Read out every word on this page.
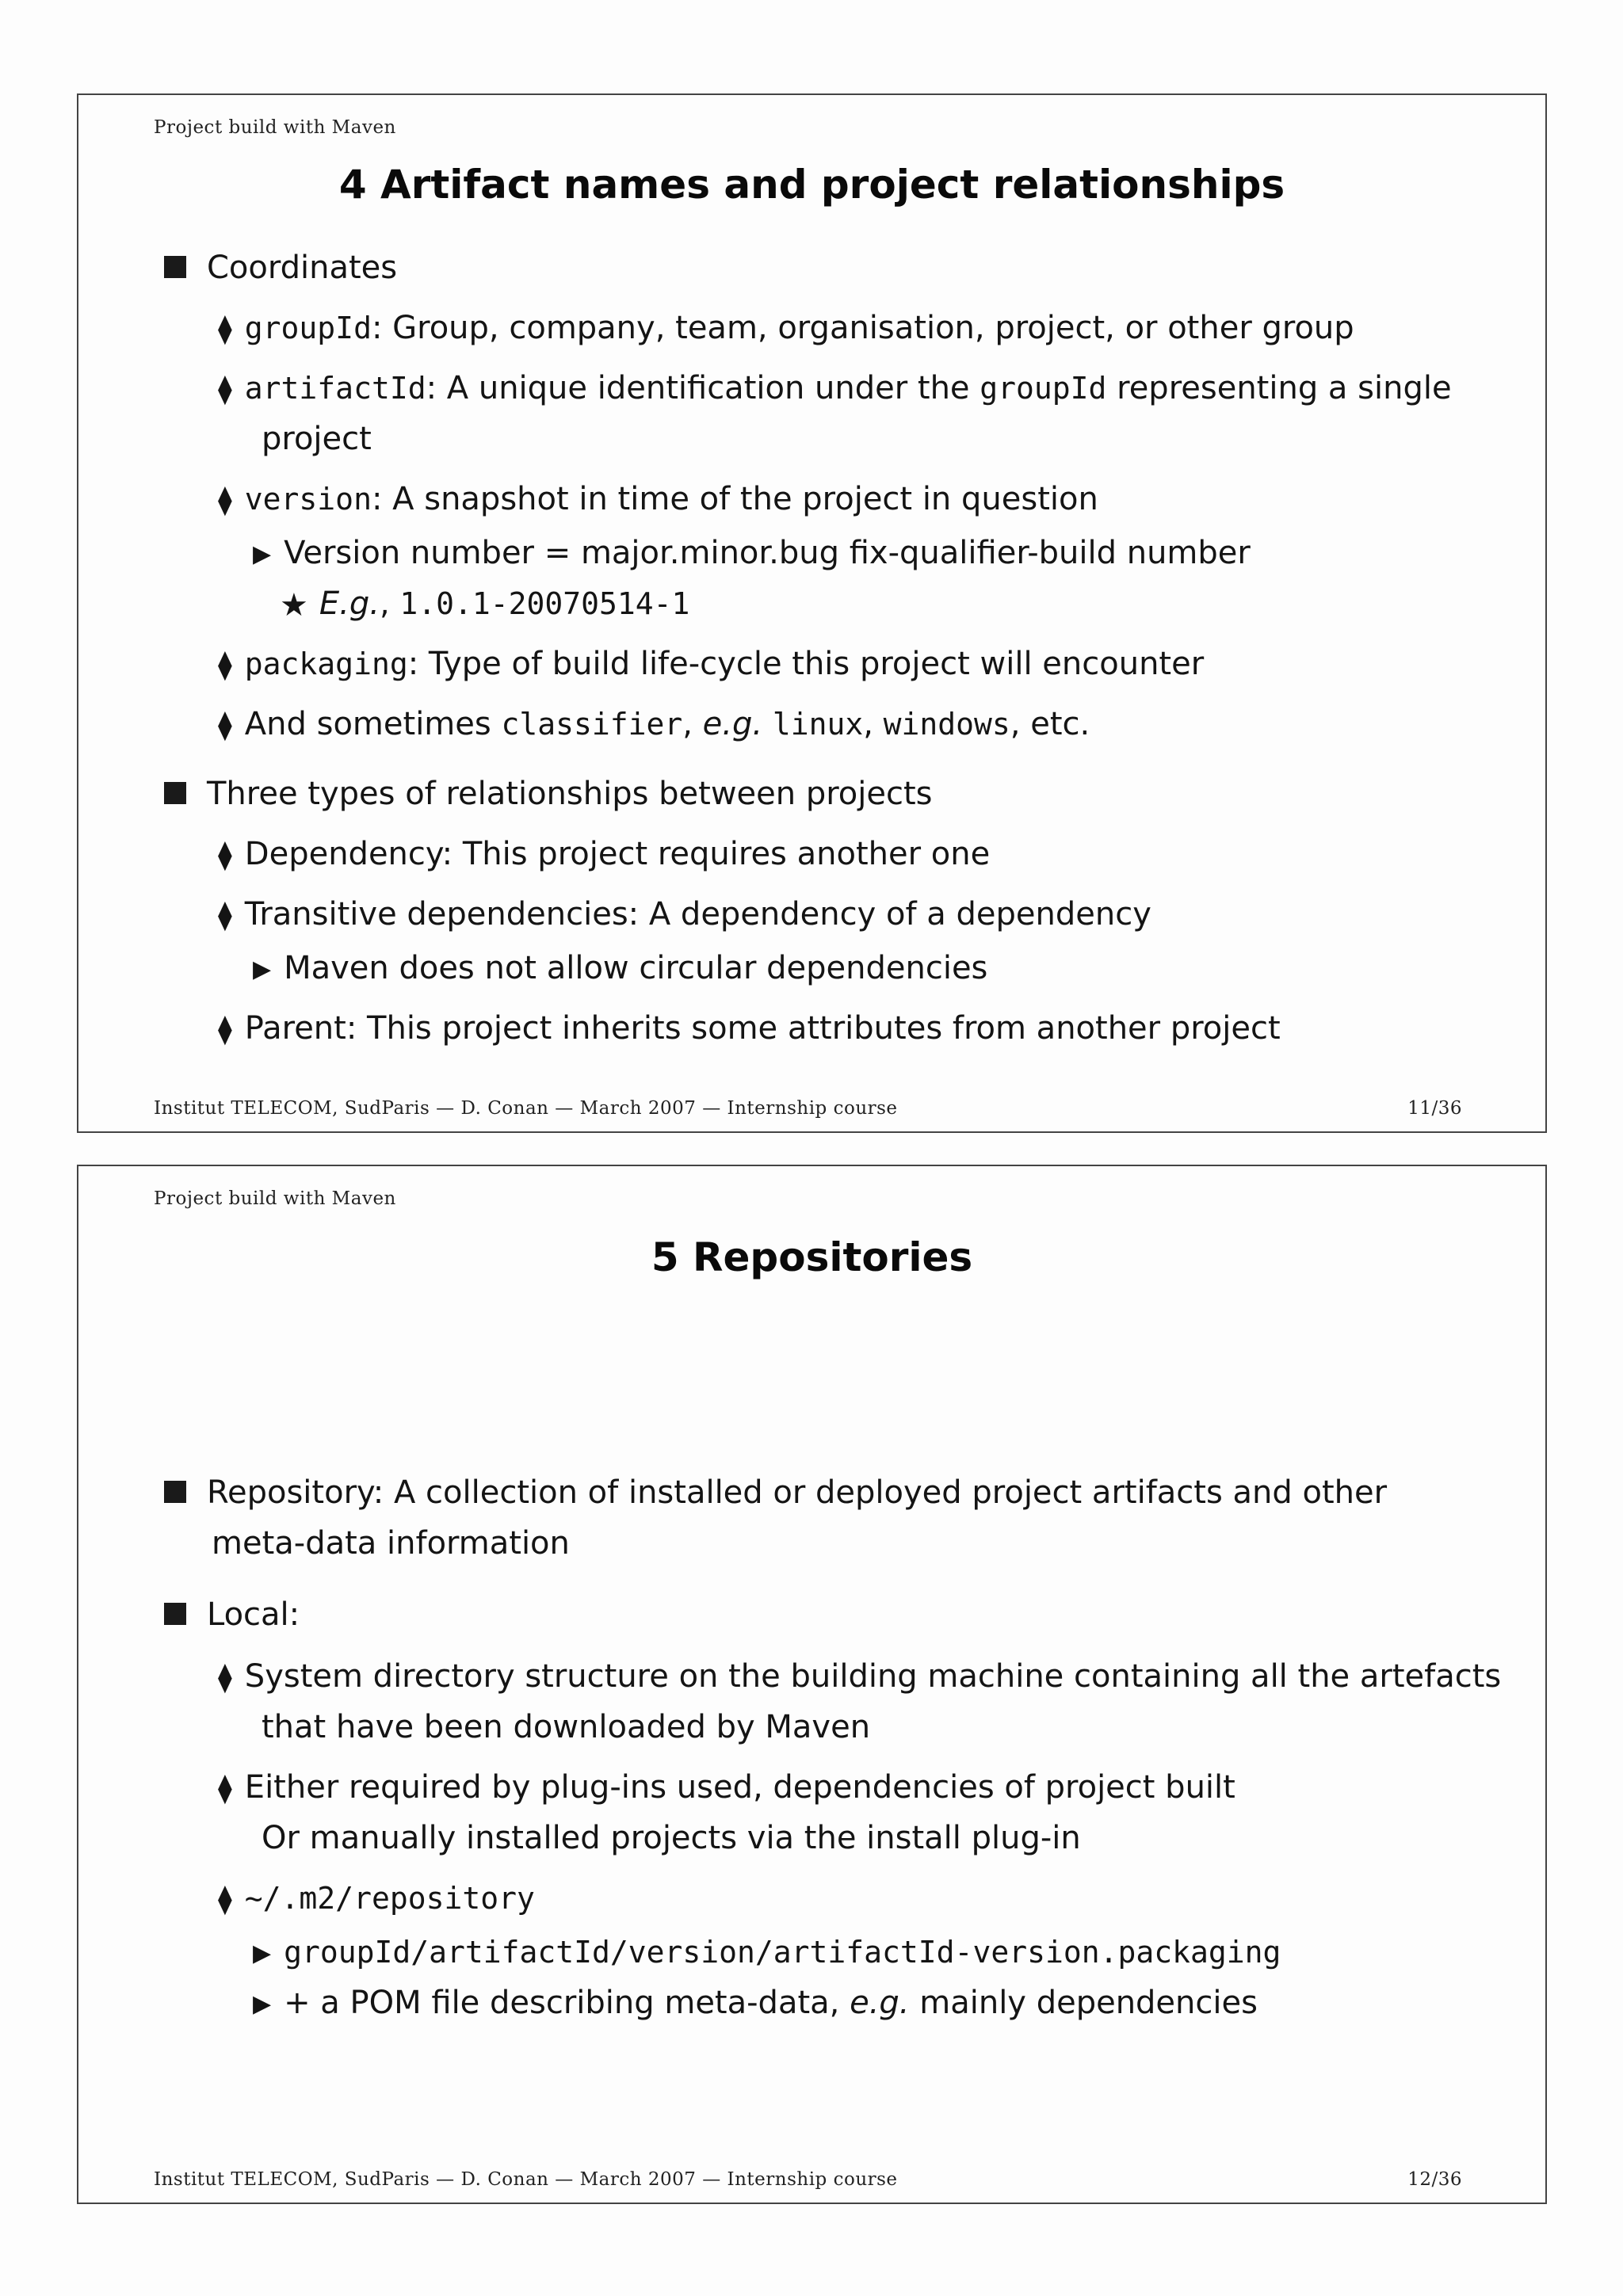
Project build with Maven
4 Artifact names and project relationships
Coordinates
⧫ groupId: Group, company, team, organisation, project, or other group
⧫ artifactId: A unique identification under the groupId representing a single
project
⧫ version: A snapshot in time of the project in question
▶ Version number = major.minor.bug fix-qualifier-build number
★ E.g., 1.0.1-20070514-1
⧫ packaging: Type of build life-cycle this project will encounter
⧫ And sometimes classifier, e.g. linux, windows, etc.
Three types of relationships between projects
⧫ Dependency: This project requires another one
⧫ Transitive dependencies: A dependency of a dependency
▶ Maven does not allow circular dependencies
⧫ Parent: This project inherits some attributes from another project
Institut TELECOM, SudParis — D. Conan — March 2007 — Internship course	11/36
Project build with Maven
5 Repositories
Repository: A collection of installed or deployed project artifacts and other
meta-data information
Local:
⧫ System directory structure on the building machine containing all the artefacts
that have been downloaded by Maven
⧫ Either required by plug-ins used, dependencies of project built
Or manually installed projects via the install plug-in
⧫ ~/.m2/repository
▶ groupId/artifactId/version/artifactId-version.packaging
▶ + a POM file describing meta-data, e.g. mainly dependencies
Institut TELECOM, SudParis — D. Conan — March 2007 — Internship course	12/36
